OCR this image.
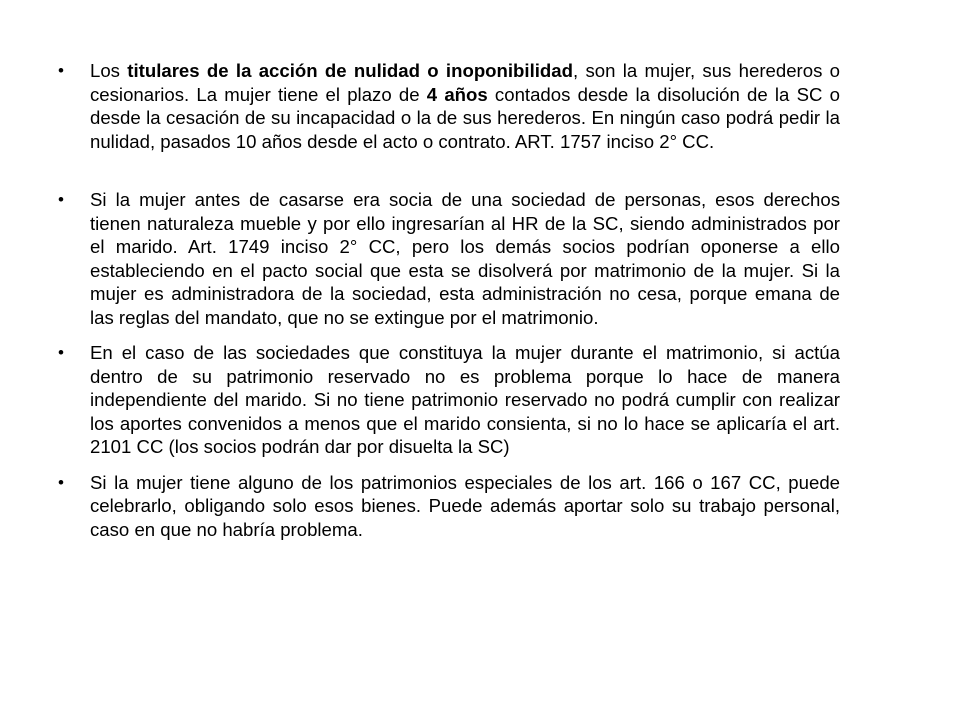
•	Los titulares de la acción de nulidad o inoponibilidad, son la mujer, sus herederos o cesionarios. La mujer tiene el plazo de 4 años contados desde la disolución de la SC o desde la cesación de su incapacidad o la de sus herederos. En ningún caso podrá pedir la nulidad, pasados 10 años desde el acto o contrato. ART. 1757 inciso 2° CC.
•	Si la mujer antes de casarse era socia de una sociedad de personas, esos derechos tienen naturaleza mueble y por ello ingresarían al HR de la SC, siendo administrados por el marido. Art. 1749 inciso 2° CC, pero los demás socios podrían oponerse a ello estableciendo en el pacto social que esta se disolverá por matrimonio de la mujer. Si la mujer es administradora de la sociedad, esta administración no cesa, porque emana de las reglas del mandato, que no se extingue por el matrimonio.
•	En el caso de las sociedades que constituya la mujer durante el matrimonio, si actúa dentro de su patrimonio reservado no es problema porque lo hace de manera independiente del marido. Si no tiene patrimonio reservado no podrá cumplir con realizar los aportes convenidos a menos que el marido consienta, si no lo hace se aplicaría el art. 2101 CC (los socios podrán dar por disuelta la SC)
•	Si la mujer tiene alguno de los patrimonios especiales de los art. 166 o 167 CC, puede celebrarlo, obligando solo esos bienes. Puede además aportar solo su trabajo personal, caso en que no habría problema.
